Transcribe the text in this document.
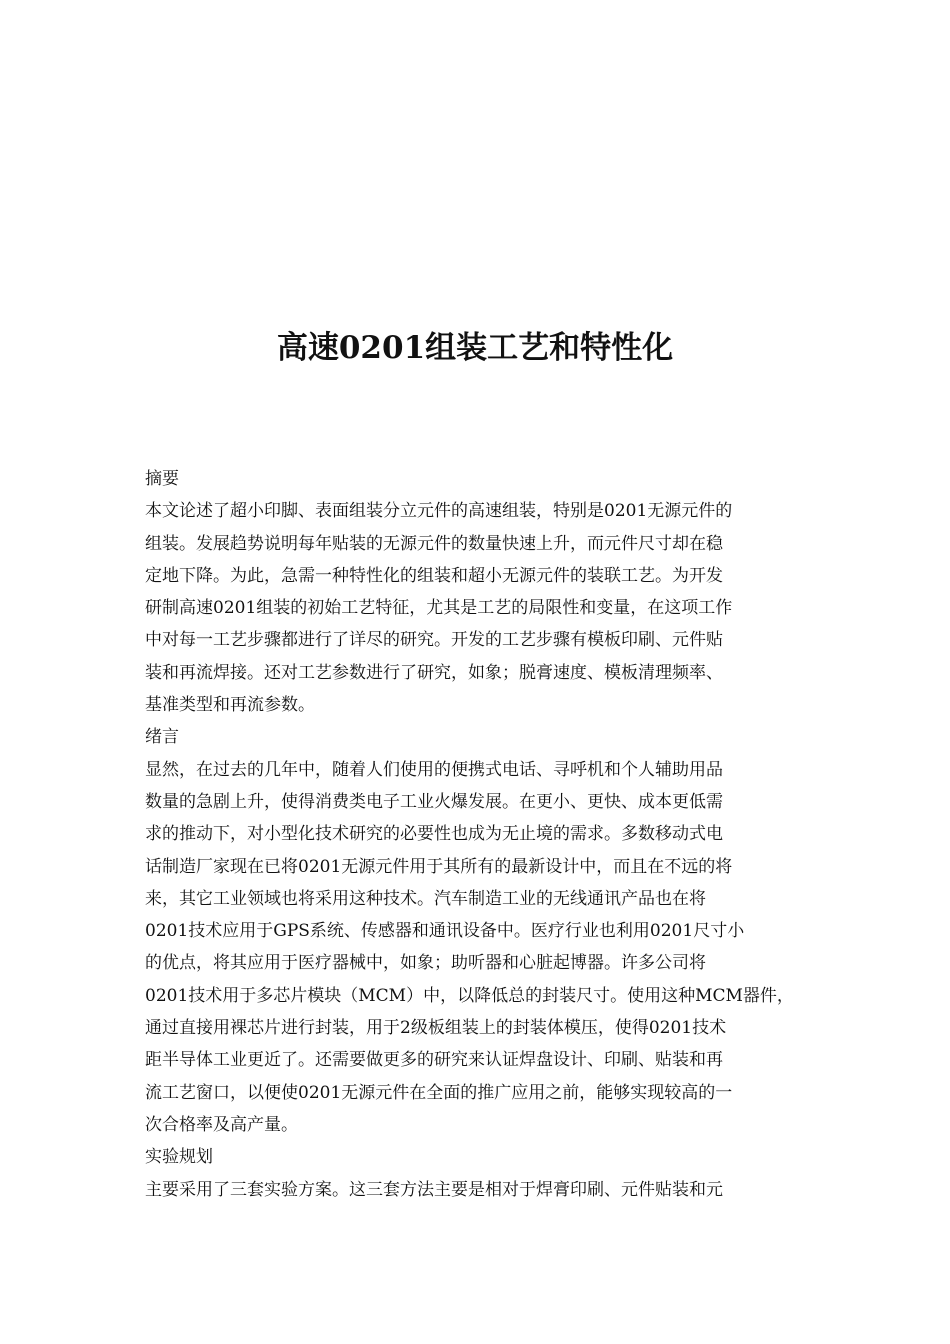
高速0201组装工艺和特性化

摘要

本文论述了超小印脚、表面组装分立元件的高速组装，特别是0201无源元件的

组装。发展趋势说明每年贴装的无源元件的数量快速上升，而元件尺寸却在稳

定地下降。为此，急需一种特性化的组装和超小无源元件的装联工艺。为开发

研制高速0201组装的初始工艺特征，尤其是工艺的局限性和变量，在这项工作

中对每一工艺步骤都进行了详尽的研究。开发的工艺步骤有模板印刷、元件贴

装和再流焊接。还对工艺参数进行了研究，如象；脱膏速度、模板清理频率、

基准类型和再流参数。

绪言

显然，在过去的几年中，随着人们使用的便携式电话、寻呼机和个人辅助用品

数量的急剧上升，使得消费类电子工业火爆发展。在更小、更快、成本更低需

求的推动下，对小型化技术研究的必要性也成为无止境的需求。多数移动式电

话制造厂家现在已将0201无源元件用于其所有的最新设计中，而且在不远的将

来，其它工业领域也将采用这种技术。汽车制造工业的无线通讯产品也在将

0201技术应用于GPS系统、传感器和通讯设备中。医疗行业也利用0201尺寸小

的优点，将其应用于医疗器械中，如象；助听器和心脏起博器。许多公司将

0201技术用于多芯片模块（MCM）中，以降低总的封装尺寸。使用这种MCM器件，

通过直接用裸芯片进行封装，用于2级板组装上的封装体模压，使得0201技术

距半导体工业更近了。还需要做更多的研究来认证焊盘设计、印刷、贴装和再

流工艺窗口，以便使0201无源元件在全面的推广应用之前，能够实现较高的一

次合格率及高产量。

实验规划

主要采用了三套实验方案。这三套方法主要是相对于焊膏印刷、元件贴装和元
